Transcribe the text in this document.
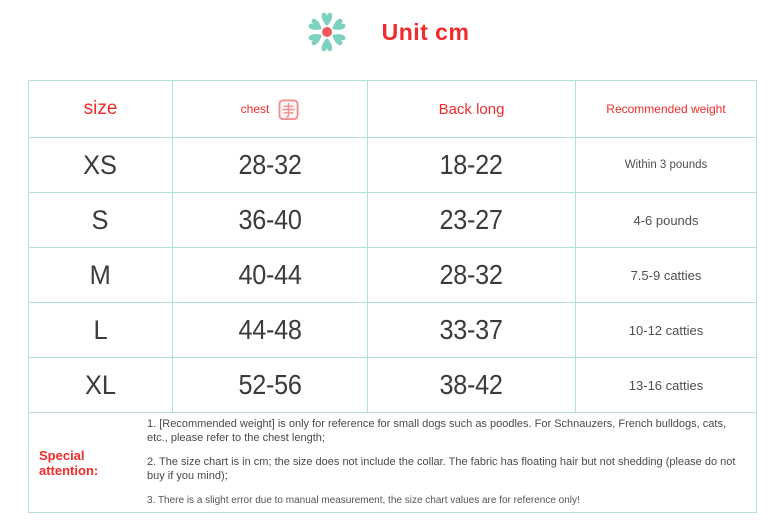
Unit cm
size	chest	Back long	Recommended weight
XS	28-32	18-22	Within 3 pounds
S	36-40	23-27	4-6 pounds
M	40-44	28-32	7.5-9 catties
L	44-48	33-37	10-12 catties
XL	52-56	38-42	13-16 catties

Special attention:

1. [Recommended weight] is only for reference for small dogs such as poodles. For Schnauzers, French bulldogs, cats, etc., please refer to the chest length;

2. The size chart is in cm; the size does not include the collar. The fabric has floating hair but not shedding (please do not buy if you mind);

3. There is a slight error due to manual measurement, the size chart values are for reference only!			
